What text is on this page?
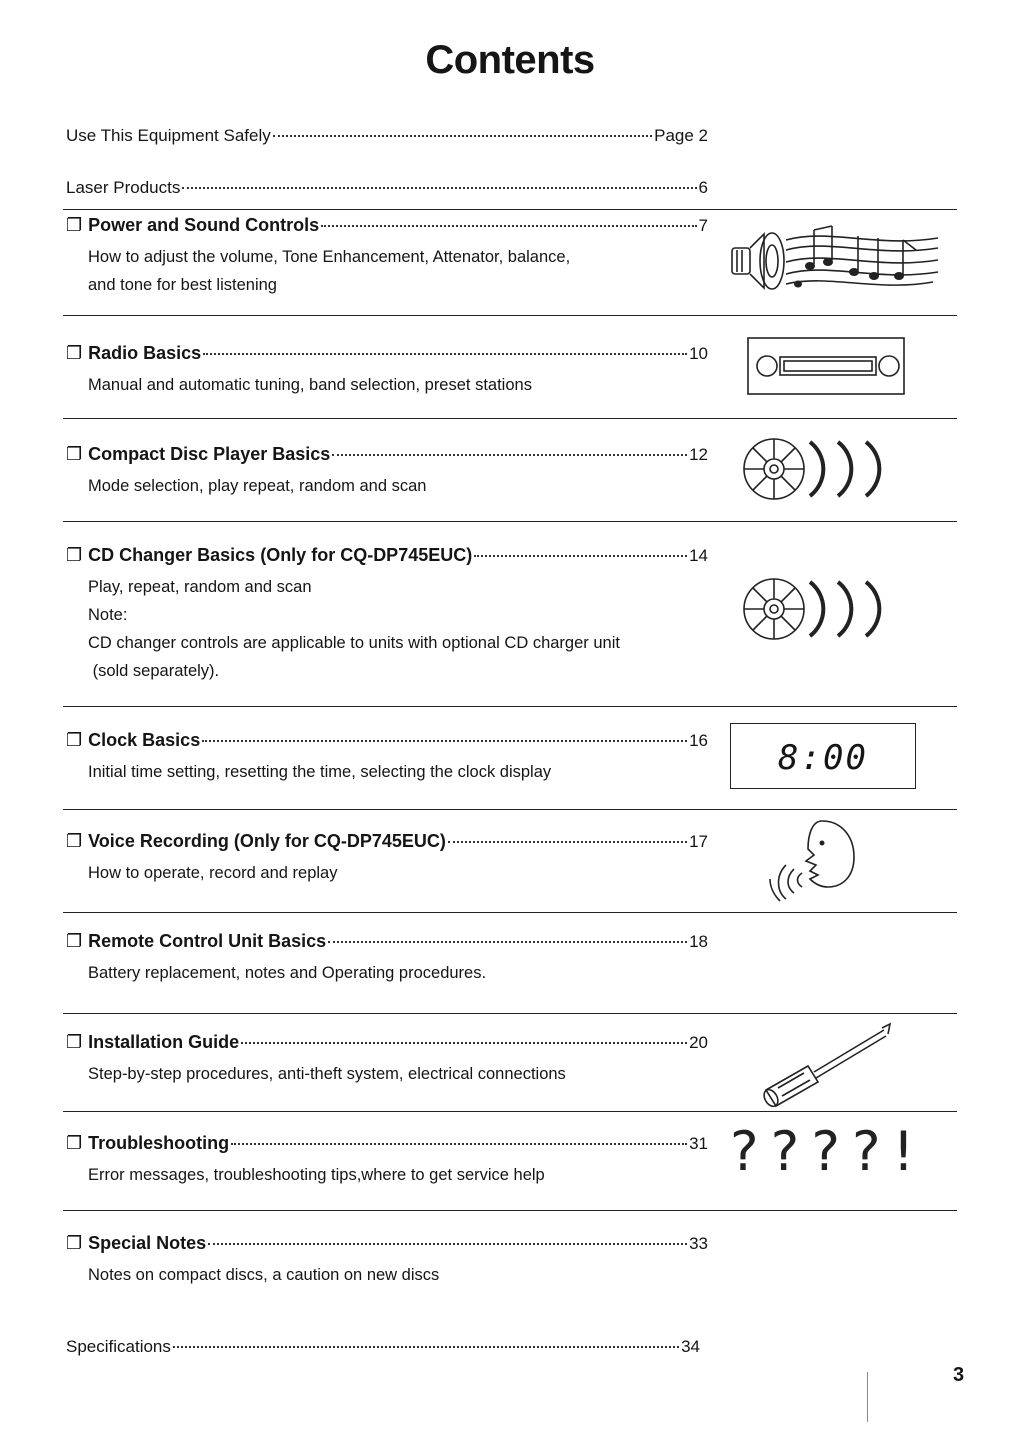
Contents
Use This Equipment Safely	Page 2
Laser Products	6
❐ Power and Sound Controls	7
How to adjust the volume, Tone Enhancement, Attenator, balance,
and tone for best listening
❐ Radio Basics	10
Manual and automatic tuning, band selection, preset stations
❐ Compact Disc Player Basics	12
Mode selection, play repeat, random and scan
❐ CD Changer Basics (Only for CQ-DP745EUC)	14
Play, repeat, random and scan
Note:
CD changer controls are applicable to units with optional CD charger unit
(sold separately).
❐ Clock Basics	16
Initial time setting, resetting the time, selecting the clock display	8:00
❐ Voice Recording (Only for CQ-DP745EUC)	17
How to operate, record and replay
❐ Remote Control Unit Basics	18
Battery replacement, notes and Operating procedures.
❐ Installation Guide	20
Step-by-step procedures, anti-theft system, electrical connections
❐ Troubleshooting	31
Error messages, troubleshooting tips,where to get service help	????!
❐ Special Notes	33
Notes on compact discs, a caution on new discs
Specifications	34
3
